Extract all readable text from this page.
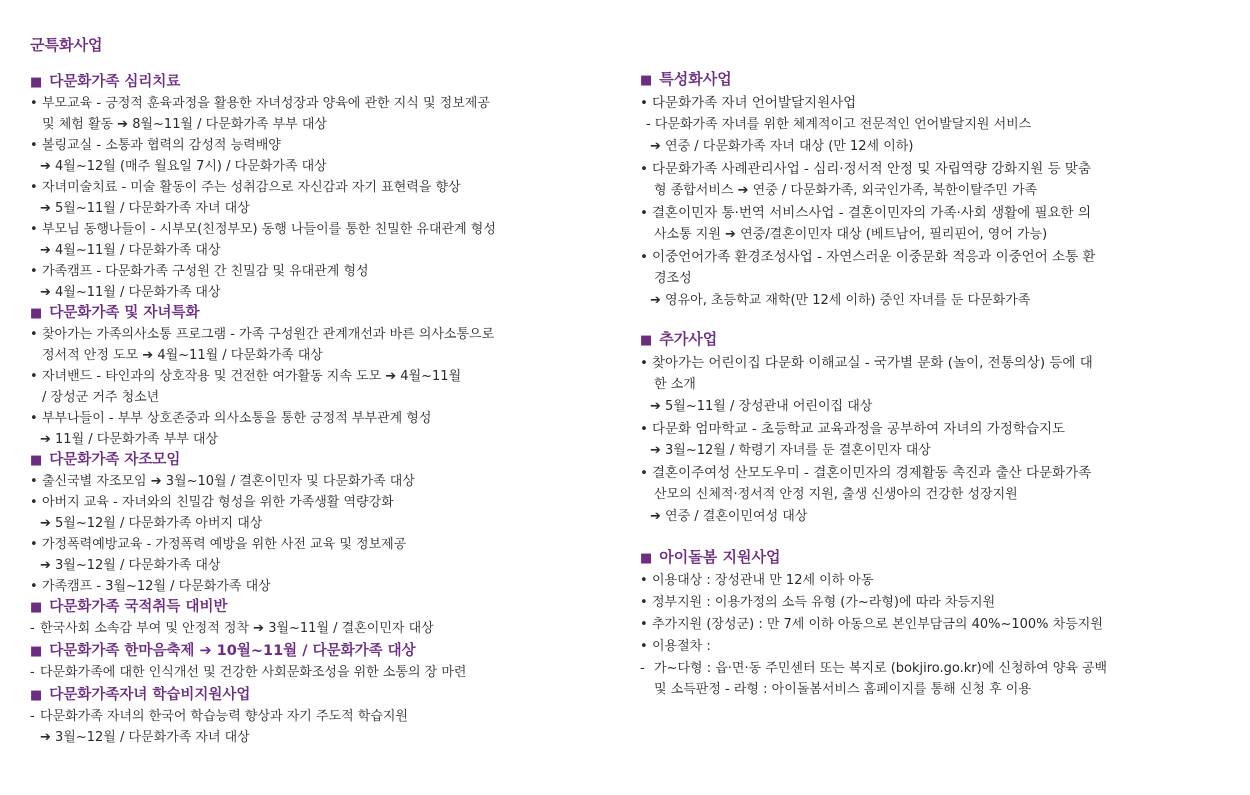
군특화사업
■ 다문화가족 심리치료
• 부모교육 - 긍정적 훈육과정을 활용한 자녀성장과 양육에 관한 지식 및 정보제공
및 체험 활동 ➔ 8월~11월 / 다문화가족 부부 대상
• 볼링교실 - 소통과 협력의 감성적 능력배양
➔ 4월~12월 (매주 월요일 7시) / 다문화가족 대상
• 자녀미술치료 - 미술 활동이 주는 성취감으로 자신감과 자기 표현력을 향상
➔ 5월~11월 / 다문화가족 자녀 대상
• 부모님 동행나들이 - 시부모(친정부모) 동행 나들이를 통한 친밀한 유대관계 형성
➔ 4월~11월 / 다문화가족 대상
• 가족캠프 - 다문화가족 구성원 간 친밀감 및 유대관계 형성
➔ 4월~11월 / 다문화가족 대상
■ 다문화가족 및 자녀특화
• 찾아가는 가족의사소통 프로그램 - 가족 구성원간 관계개선과 바른 의사소통으로
정서적 안정 도모 ➔ 4월~11월 / 다문화가족 대상
• 자녀밴드 - 타인과의 상호작용 및 건전한 여가활동 지속 도모 ➔ 4월~11월
/ 장성군 거주 청소년
• 부부나들이 - 부부 상호존중과 의사소통을 통한 긍정적 부부관계 형성
➔ 11월 / 다문화가족 부부 대상
■ 다문화가족 자조모임
• 출신국별 자조모임 ➔ 3월~10월 / 결혼이민자 및 다문화가족 대상
• 아버지 교육 - 자녀와의 친밀감 형성을 위한 가족생활 역량강화
➔ 5월~12월 / 다문화가족 아버지 대상
• 가정폭력예방교육 - 가정폭력 예방을 위한 사전 교육 및 정보제공
➔ 3월~12월 / 다문화가족 대상
• 가족캠프 - 3월~12월 / 다문화가족 대상
■ 다문화가족 국적취득 대비반
- 한국사회 소속감 부여 및 안정적 정착 ➔ 3월~11월 / 결혼이민자 대상
■ 다문화가족 한마음축제 ➔ 10월~11월 / 다문화가족 대상
- 다문화가족에 대한 인식개선 및 건강한 사회문화조성을 위한 소통의 장 마련
■ 다문화가족자녀 학습비지원사업
- 다문화가족 자녀의 한국어 학습능력 향상과 자기 주도적 학습지원
➔ 3월~12월 / 다문화가족 자녀 대상
■ 특성화사업
• 다문화가족 자녀 언어발달지원사업
- 다문화가족 자녀를 위한 체계적이고 전문적인 언어발달지원 서비스
➔ 연중 / 다문화가족 자녀 대상 (만 12세 이하)
• 다문화가족 사례관리사업 - 심리·정서적 안정 및 자립역량 강화지원 등 맞춤
형 종합서비스 ➔ 연중 / 다문화가족, 외국인가족, 북한이탈주민 가족
• 결혼이민자 통·번역 서비스사업 - 결혼이민자의 가족·사회 생활에 필요한 의
사소통 지원 ➔ 연중/결혼이민자 대상 (베트남어, 필리핀어, 영어 가능)
• 이중언어가족 환경조성사업 - 자연스러운 이중문화 적응과 이중언어 소통 환
경조성
➔ 영유아, 초등학교 재학(만 12세 이하) 중인 자녀를 둔 다문화가족
■ 추가사업
• 찾아가는 어린이집 다문화 이해교실 - 국가별 문화 (놀이, 전통의상) 등에 대
한 소개
➔ 5월~11월 / 장성관내 어린이집 대상
• 다문화 엄마학교 - 초등학교 교육과정을 공부하여 자녀의 가정학습지도
➔ 3월~12월 / 학령기 자녀를 둔 결혼이민자 대상
• 결혼이주여성 산모도우미 - 결혼이민자의 경제활동 촉진과 출산 다문화가족
산모의 신체적·정서적 안정 지원, 출생 신생아의 건강한 성장지원
➔ 연중 / 결혼이민여성 대상
■ 아이돌봄 지원사업
• 이용대상 : 장성관내 만 12세 이하 아동
• 정부지원 : 이용가정의 소득 유형 (가~라형)에 따라 차등지원
• 추가지원 (장성군) : 만 7세 이하 아동으로 본인부담금의 40%~100% 차등지원
• 이용절차 :
- 가~다형 : 읍·면·동 주민센터 또는 복지로 (bokjiro.go.kr)에 신청하여 양육 공백
및 소득판정 - 라형 : 아이돌봄서비스 홈페이지를 통해 신청 후 이용
